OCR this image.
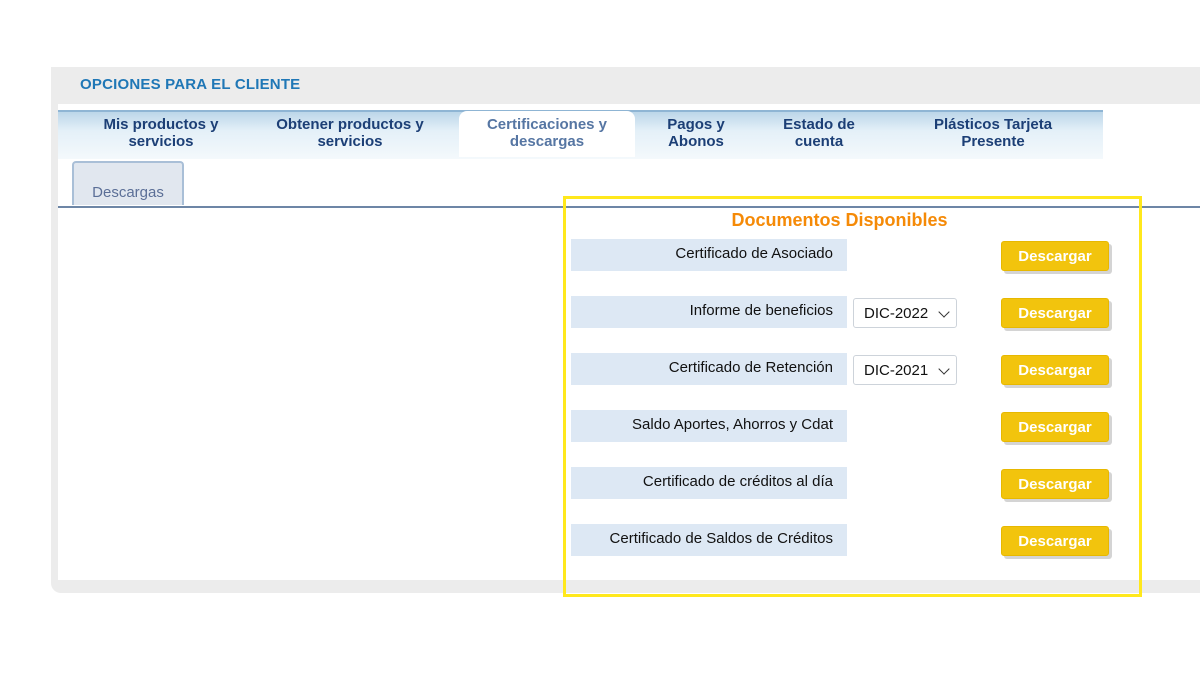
OPCIONES PARA EL CLIENTE
Mis productos y
servicios
Obtener productos y
servicios
Certificaciones y
descargas
Pagos y
Abonos
Estado de
cuenta
Plásticos Tarjeta
Presente
Descargas
Documentos Disponibles
Certificado de Asociado	Descargar
Informe de beneficios	DIC-2022	Descargar
Certificado de Retención	DIC-2021	Descargar
Saldo Aportes, Ahorros y Cdat	Descargar
Certificado de créditos al día	Descargar
Certificado de Saldos de Créditos	Descargar
